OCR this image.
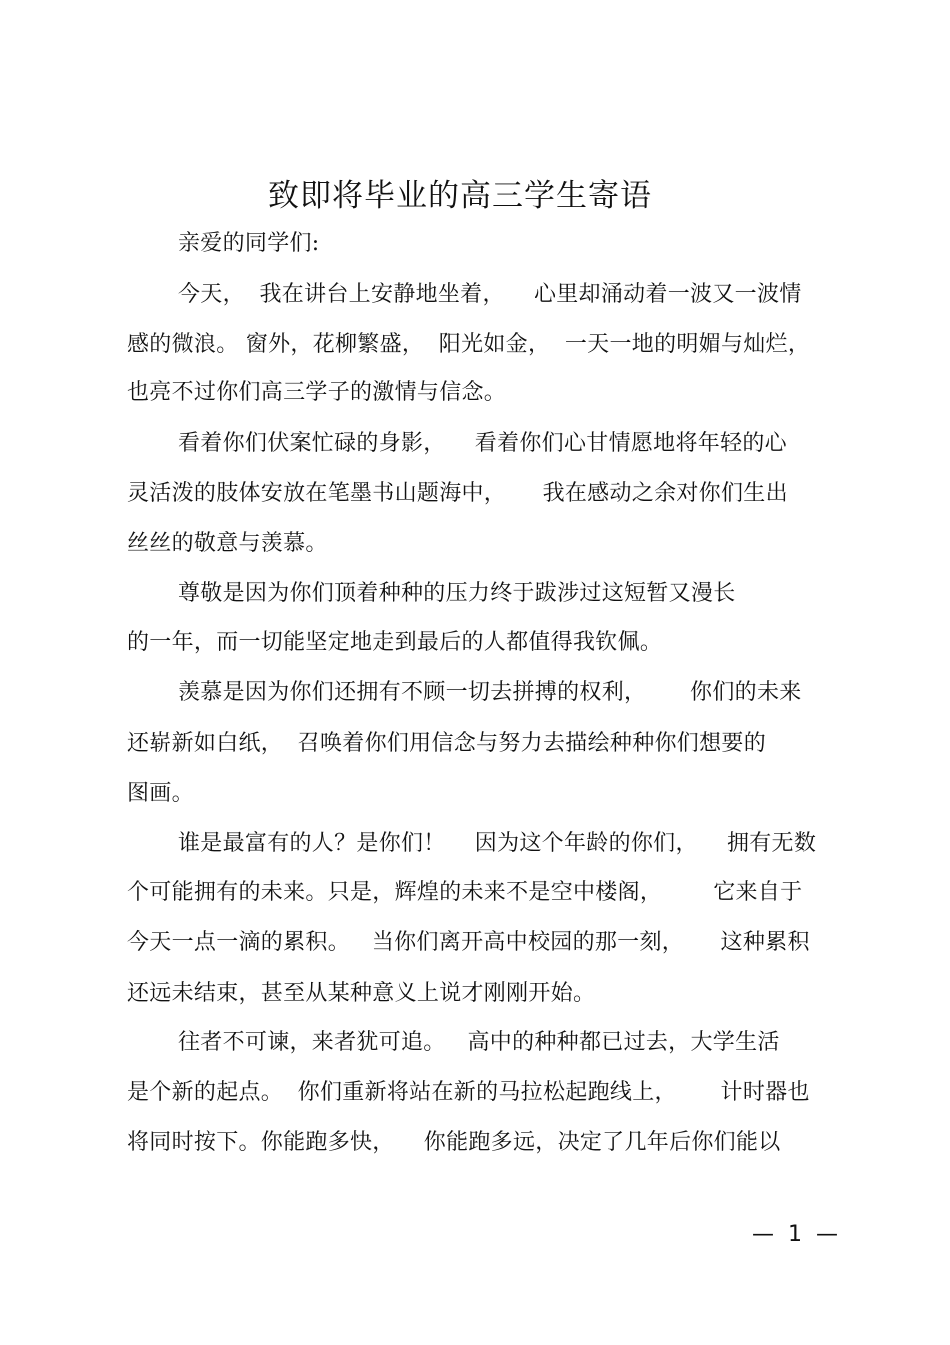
致即将毕业的高三学生寄语
亲爱的同学们:
今天，  我在讲台上安静地坐着，    心里却涌动着一波又一波情
感的微浪。 窗外，花柳繁盛，  阳光如金，  一天一地的明媚与灿烂，
也亮不过你们高三学子的激情与信念。
看着你们伏案忙碌的身影，    看着你们心甘情愿地将年轻的心
灵活泼的肢体安放在笔墨书山题海中，     我在感动之余对你们生出
丝丝的敬意与羡慕。
尊敬是因为你们顶着种种的压力终于跋涉过这短暂又漫长
的一年，而一切能坚定地走到最后的人都值得我钦佩。
羡慕是因为你们还拥有不顾一切去拼搏的权利，      你们的未来
还崭新如白纸，  召唤着你们用信念与努力去描绘种种你们想要的
图画。
谁是最富有的人？是你们！    因为这个年龄的你们，    拥有无数
个可能拥有的未来。只是，辉煌的未来不是空中楼阁，       它来自于
今天一点一滴的累积。   当你们离开高中校园的那一刻，     这种累积
还远未结束，甚至从某种意义上说才刚刚开始。
往者不可谏，来者犹可追。   高中的种种都已过去，大学生活
是个新的起点。  你们重新将站在新的马拉松起跑线上，      计时器也
将同时按下。你能跑多快，    你能跑多远，决定了几年后你们能以
—  1  —
